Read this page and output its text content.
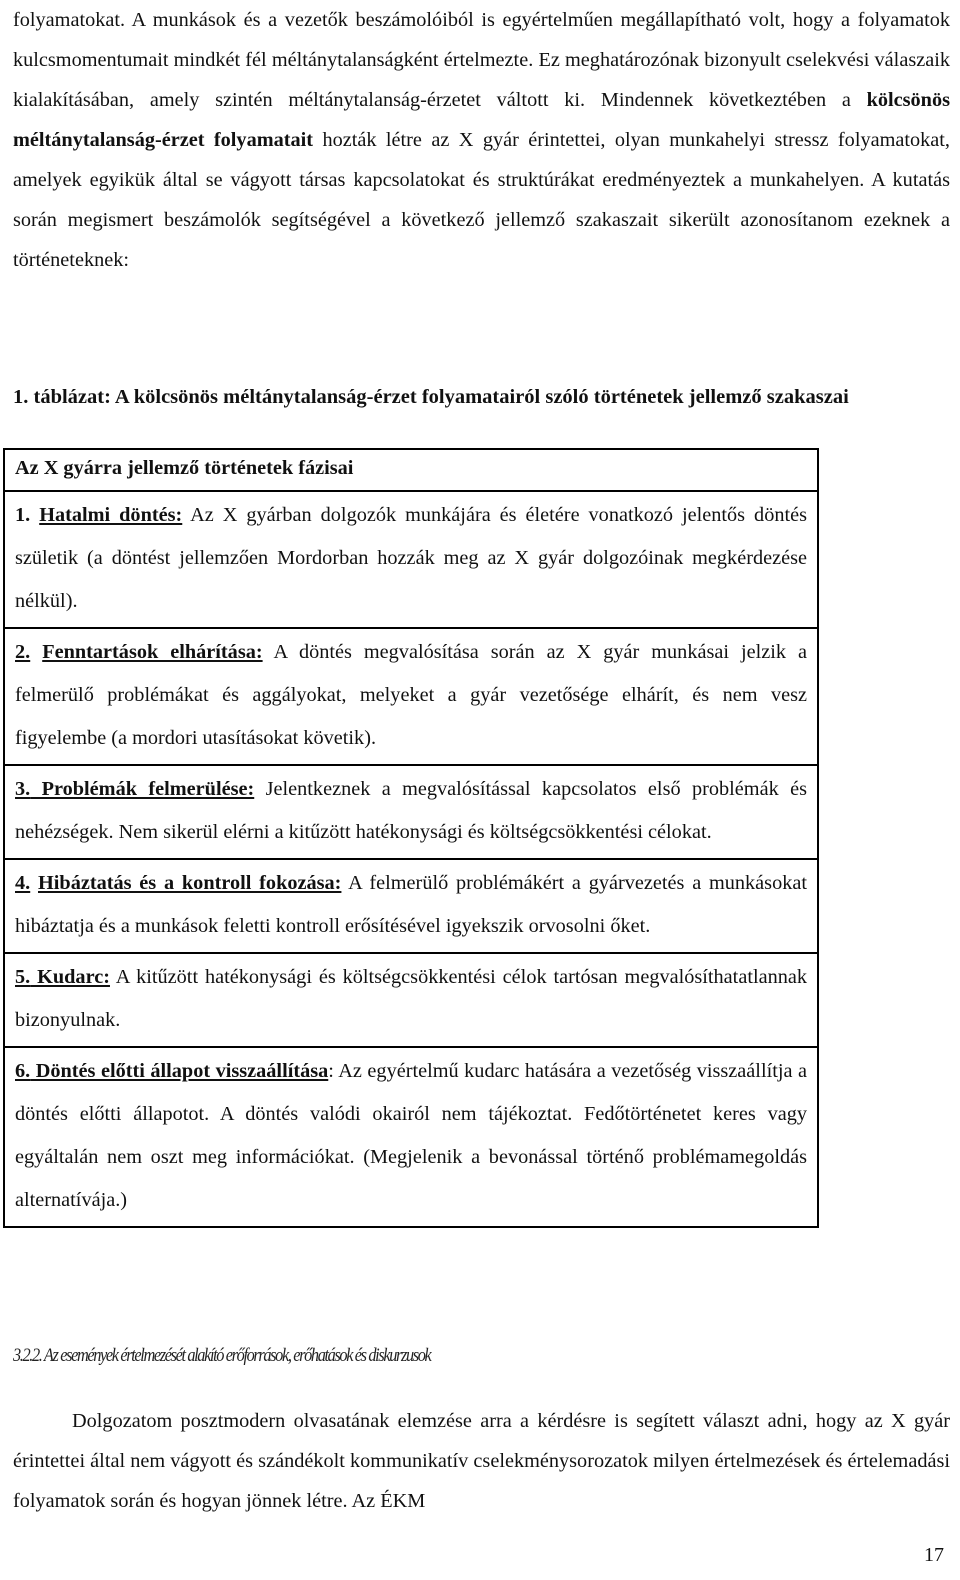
folyamatokat. A munkások és a vezetők beszámolóiból is egyértelműen megállapítható volt, hogy a folyamatok kulcsmomentumait mindkét fél méltánytalanságként értelmezte. Ez meghatározónak bizonyult cselekvési válaszaik kialakításában, amely szintén méltánytalanság-érzetet váltott ki. Mindennek következtében a kölcsönös méltánytalanság-érzet folyamatait hozták létre az X gyár érintettei, olyan munkahelyi stressz folyamatokat, amelyek egyikük által se vágyott társas kapcsolatokat és struktúrákat eredményeztek a munkahelyen. A kutatás során megismert beszámolók segítségével a következő jellemző szakaszait sikerült azonosítanom ezeknek a történeteknek:

1. táblázat: A kölcsönös méltánytalanság-érzet folyamatairól szóló történetek jellemző szakaszai
Az X gyárra jellemző történetek fázisai
1. Hatalmi döntés: Az X gyárban dolgozók munkájára és életére vonatkozó jelentős döntés születik (a döntést jellemzően Mordorban hozzák meg az X gyár dolgozóinak megkérdezése nélkül).
2. Fenntartások elhárítása: A döntés megvalósítása során az X gyár munkásai jelzik a felmerülő problémákat és aggályokat, melyeket a gyár vezetősége elhárít, és nem vesz figyelembe (a mordori utasításokat követik).
3. Problémák felmerülése: Jelentkeznek a megvalósítással kapcsolatos első problémák és nehézségek. Nem sikerül elérni a kitűzött hatékonysági és költségcsökkentési célokat.
4. Hibáztatás és a kontroll fokozása: A felmerülő problémákért a gyárvezetés a munkásokat hibáztatja és a munkások feletti kontroll erősítésével igyekszik orvosolni őket.
5. Kudarc: A kitűzött hatékonysági és költségcsökkentési célok tartósan megvalósíthatatlannak bizonyulnak.
6. Döntés előtti állapot visszaállítása: Az egyértelmű kudarc hatására a vezetőség visszaállítja a döntés előtti állapotot. A döntés valódi okairól nem tájékoztat. Fedőtörténetet keres vagy egyáltalán nem oszt meg információkat. (Megjelenik a bevonással történő problémamegoldás alternatívája.)
3.2.2. Az események értelmezését alakító erőforrások, erőhatások és diskurzusok
Dolgozatom posztmodern olvasatának elemzése arra a kérdésre is segített választ adni, hogy az X gyár érintettei által nem vágyott és szándékolt kommunikatív cselekménysorozatok milyen értelmezések és értelemadási folyamatok során és hogyan jönnek létre. Az ÉKM
17
